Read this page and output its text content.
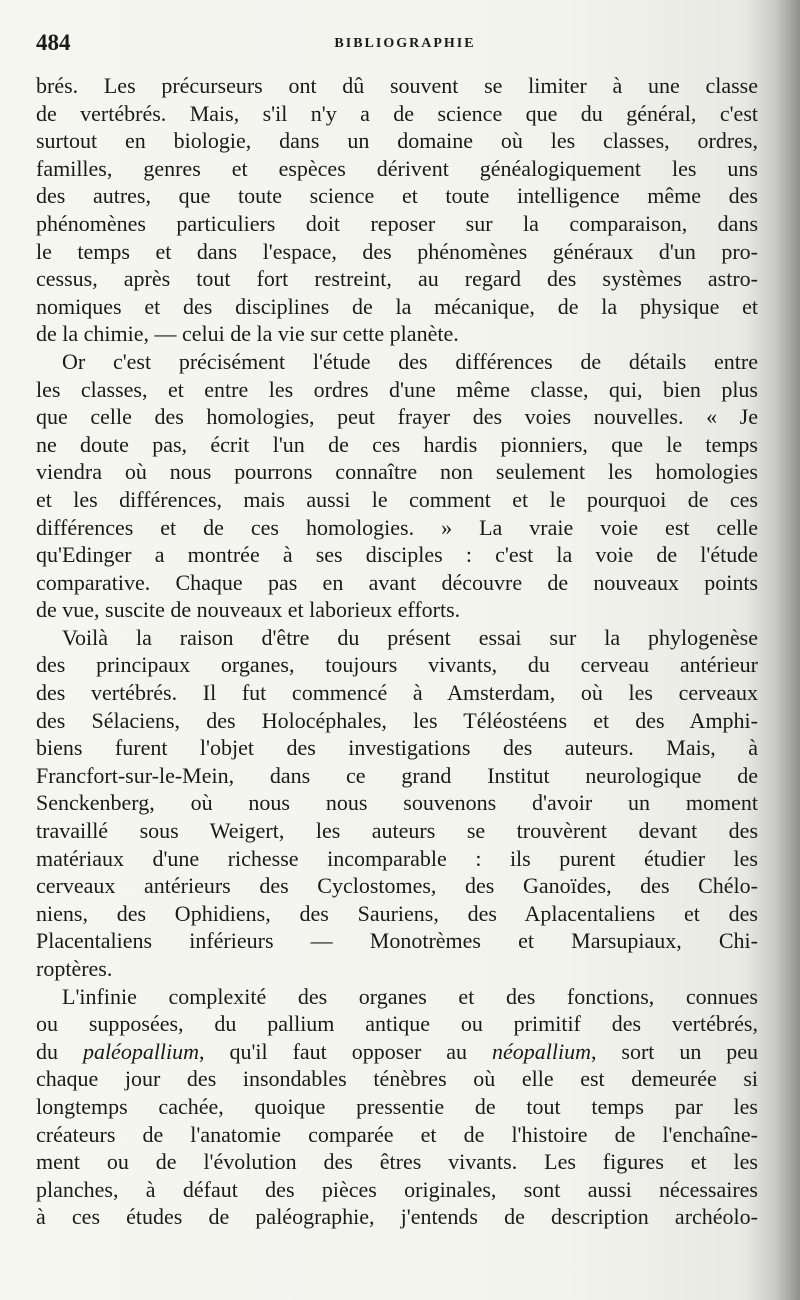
484	BIBLIOGRAPHIE
brés. Les précurseurs ont dû souvent se limiter à une classe
de vertébrés. Mais, s'il n'y a de science que du général, c'est
surtout en biologie, dans un domaine où les classes, ordres,
familles, genres et espèces dérivent généalogiquement les uns
des autres, que toute science et toute intelligence même des
phénomènes particuliers doit reposer sur la comparaison, dans
le temps et dans l'espace, des phénomènes généraux d'un pro-
cessus, après tout fort restreint, au regard des systèmes astro-
nomiques et des disciplines de la mécanique, de la physique et
de la chimie, — celui de la vie sur cette planète.
Or c'est précisément l'étude des différences de détails entre
les classes, et entre les ordres d'une même classe, qui, bien plus
que celle des homologies, peut frayer des voies nouvelles. « Je
ne doute pas, écrit l'un de ces hardis pionniers, que le temps
viendra où nous pourrons connaître non seulement les homologies
et les différences, mais aussi le comment et le pourquoi de ces
différences et de ces homologies. » La vraie voie est celle
qu'Edinger a montrée à ses disciples : c'est la voie de l'étude
comparative. Chaque pas en avant découvre de nouveaux points
de vue, suscite de nouveaux et laborieux efforts.
Voilà la raison d'être du présent essai sur la phylogenèse
des principaux organes, toujours vivants, du cerveau antérieur
des vertébrés. Il fut commencé à Amsterdam, où les cerveaux
des Sélaciens, des Holocéphales, les Téléostéens et des Amphi-
biens furent l'objet des investigations des auteurs. Mais, à
Francfort-sur-le-Mein, dans ce grand Institut neurologique de
Senckenberg, où nous nous souvenons d'avoir un moment
travaillé sous Weigert, les auteurs se trouvèrent devant des
matériaux d'une richesse incomparable : ils purent étudier les
cerveaux antérieurs des Cyclostomes, des Ganoïdes, des Chélo-
niens, des Ophidiens, des Sauriens, des Aplacentaliens et des
Placentaliens inférieurs — Monotrèmes et Marsupiaux, Chi-
roptères.
L'infinie complexité des organes et des fonctions, connues
ou supposées, du pallium antique ou primitif des vertébrés,
du paléopallium, qu'il faut opposer au néopallium, sort un peu
chaque jour des insondables ténèbres où elle est demeurée si
longtemps cachée, quoique pressentie de tout temps par les
créateurs de l'anatomie comparée et de l'histoire de l'enchaîne-
ment ou de l'évolution des êtres vivants. Les figures et les
planches, à défaut des pièces originales, sont aussi nécessaires
à ces études de paléographie, j'entends de description archéolo-
